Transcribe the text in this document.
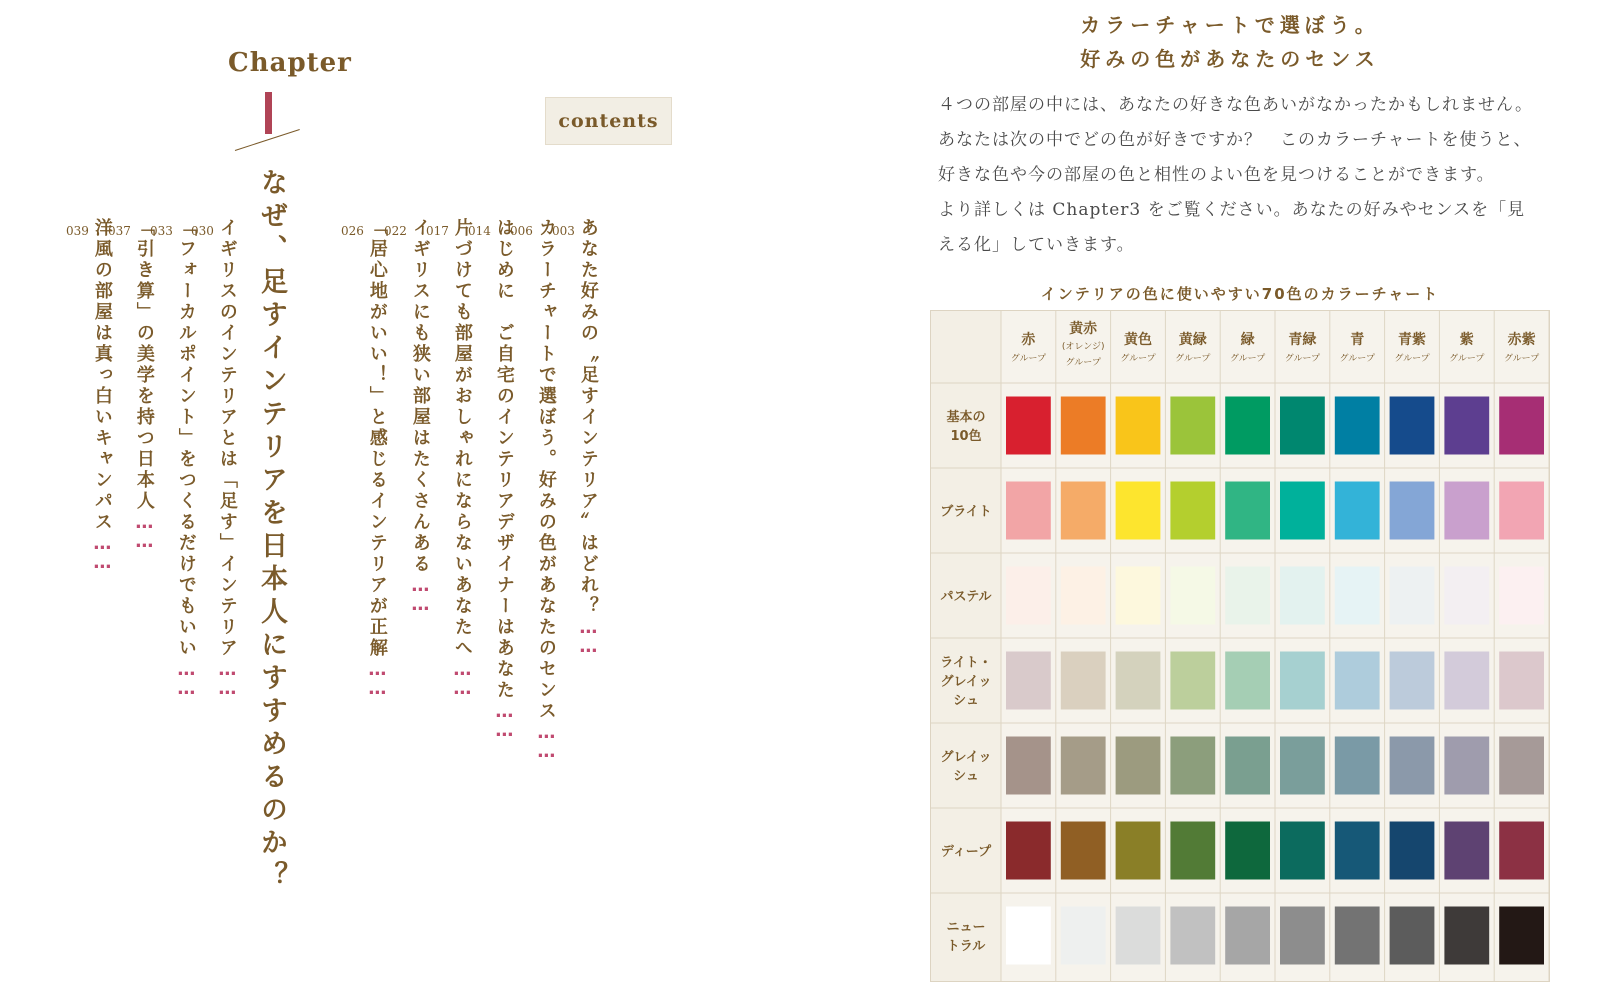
Chapter
contents
なぜ、足すインテリアを日本人にすすめるのか？	あなた好みの〝足すインテリア〟はどれ？……
003
カラーチャートで選ぼう。好みの色があなたのセンス……
006
はじめに　ご自宅のインテリアデザイナーはあなた……
014
片づけても部屋がおしゃれにならないあなたへ……
017
イギリスにも狭い部屋はたくさんある……
022
「居心地がいい！」と感じるインテリアが正解……
026
イギリスのインテリアとは「足す」インテリア……
030
「フォーカルポイント」をつくるだけでもいい……
033
「引き算」の美学を持つ日本人……
037
洋風の部屋は真っ白いキャンパス……
039
カラーチャートで選ぼう。
好みの色があなたのセンス
４つの部屋の中には、あなたの好きな色あいがなかったかもしれません。
あなたは次の中でどの色が好きですか？　このカラーチャートを使うと、
好きな色や今の部屋の色と相性のよい色を見つけることができます。
より詳しくは Chapter3 をご覧ください。あなたの好みやセンスを「見
える化」していきます。
インテリアの色に使いやすい70色のカラーチャート
赤
グループ
黄赤
(オレンジ)
グループ
黄色
グループ
黄緑
グループ
緑
グループ
青緑
グループ
青
グループ
青紫
グループ
紫
グループ
赤紫
グループ
基本の
10色
ブライト
パステル
ライト・
グレイッ
シュ
グレイッ
シュ
ディープ
ニュー
トラル
